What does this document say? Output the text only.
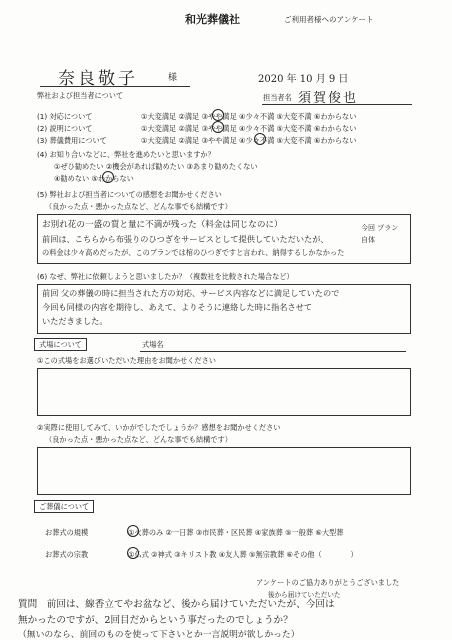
和光葬儀社	ご利用者様へのアンケート
奈良敬子	様	2020 年 10 月 9 日
弊社および担当者について	担当者名 須賀俊也
(1) 対応について	①大変満足 ②満足 ③やや満足 ④少々不満 ⑤大変不満 ⑥わからない
(2) 説明について	①大変満足 ②満足 ③やや満足 ④少々不満 ⑤大変不満 ⑥わからない
(3) 葬儀費用について	①大変満足 ②満足 ③やや満足 ④少々不満 ⑤大変不満 ⑥わからない
(4) お知り合いなどに、弊社を進めたいと思いますか？
①ぜひ勧めたい ②機会があれば勧めたい ③あまり勧めたくない
④勧めない ⑤わからない
(5) 弊社および担当者についての感想をお聞かせください
（良かった点・悪かった点など、どんな事でも結構です）
お別れ花の一盛の質と量に不満が残った（料金は同じなのに）
前回は、こちらから布張りのひつぎをサービスとして提供していただいたが、
の料金は少々高めだったが、このプランでは棺のひつぎですと言われ、納得するしかなかった
今回 プラン自体
(6) なぜ、弊社に依頼しようと思いましたか？（複数社を比較された場合など）
前回 父の葬儀の時に担当された方の対応、サービス内容などに満足していたので
今回も同様の内容を期待し、あえて、よりそうに連絡した時に指名させて
いただきました。
式場について	式場名
①この式場をお選びいただいた理由をお聞かせください
②実際に使用してみて、いかがでしたでしょうか？感想をお聞かせください
（良かった点・悪かった点など、どんな事でも結構です）
ご葬儀について
お葬式の規模	①火葬のみ ②一日葬 ③市民葬・区民葬 ④家族葬 ⑤一般葬 ⑥大型葬
お葬式の宗教	①仏式 ②神式 ③キリスト教 ④友人葬 ⑤無宗教葬 ⑥その他（　　　　）
アンケートのご協力ありがとうございました
後から届けていただいた
質問　前回は、線香立てやお盆など、後から届けていただいたが、今回は
無かったのですが、2回目だからという事だったのでしょうか？
（無いのなら、前回のものを使って下さいとか一言説明が欲しかった）
